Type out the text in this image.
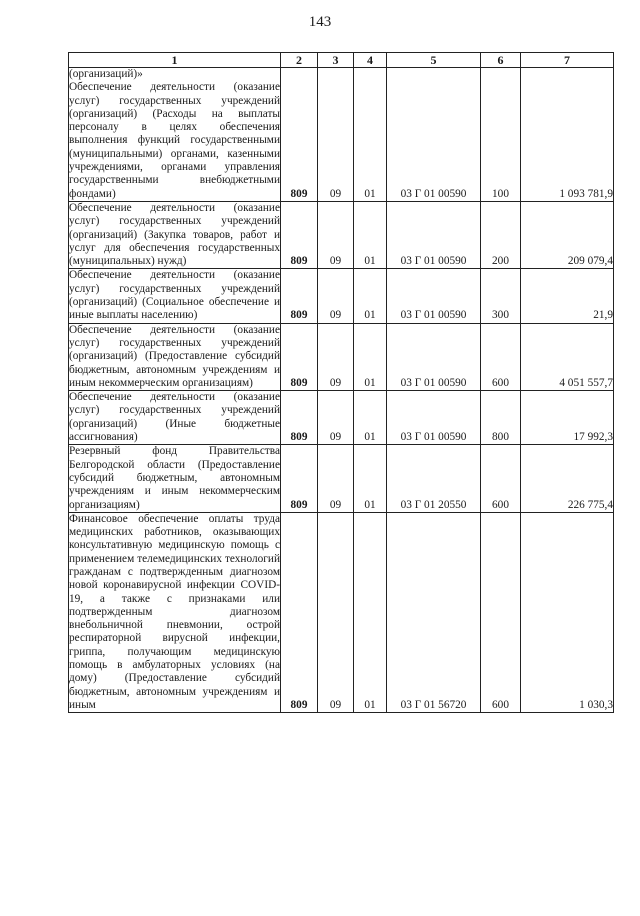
143
1	2	3	4	5	6	7

(организаций)»
Обеспечение деятельности (оказание услуг) государственных учреждений (организаций) (Расходы на выплаты персоналу в целях обеспечения выполнения функций государственными (муниципальными) органами, казенными учреждениями, органами управления государственными внебюджетными фондами)	809	09	01	03 Г 01 00590	100	1 093 781,9
Обеспечение деятельности (оказание услуг) государственных учреждений (организаций) (Закупка товаров, работ и услуг для обеспечения государственных (муниципальных) нужд)	809	09	01	03 Г 01 00590	200	209 079,4
Обеспечение деятельности (оказание услуг) государственных учреждений (организаций) (Социальное обеспечение и иные выплаты населению)	809	09	01	03 Г 01 00590	300	21,9
Обеспечение деятельности (оказание услуг) государственных учреждений (организаций) (Предоставление субсидий бюджетным, автономным учреждениям и иным некоммерческим организациям)	809	09	01	03 Г 01 00590	600	4 051 557,7
Обеспечение деятельности (оказание услуг) государственных учреждений (организаций) (Иные бюджетные ассигнования)	809	09	01	03 Г 01 00590	800	17 992,3
Резервный фонд Правительства Белгородской области (Предоставление субсидий бюджетным, автономным учреждениям и иным некоммерческим организациям)	809	09	01	03 Г 01 20550	600	226 775,4
Финансовое обеспечение оплаты труда медицинских работников, оказывающих консультативную медицинскую помощь с применением телемедицинских технологий гражданам с подтвержденным диагнозом новой коронавирусной инфекции COVID-19, а также с признаками или подтвержденным диагнозом внебольничной пневмонии, острой респираторной вирусной инфекции, гриппа, получающим медицинскую помощь в амбулаторных условиях (на дому) (Предоставление субсидий бюджетным, автономным учреждениям и иным	809	09	01	03 Г 01 56720	600	1 030,3
